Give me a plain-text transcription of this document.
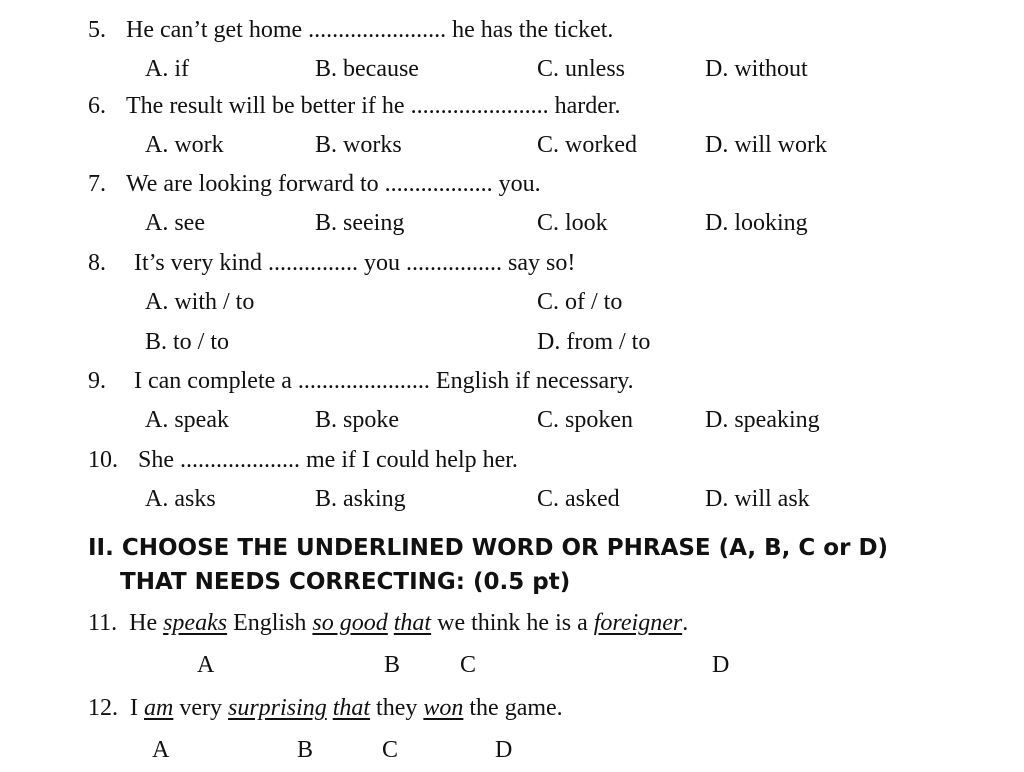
5. He can’t get home ....................... he has the ticket.
A. if	B. because	C. unless	D. without
6. The result will be better if he ....................... harder.
A. work	B. works	C. worked	D. will work
7. We are looking forward to .................. you.
A. see	B. seeing	C. look	D. looking
8. It’s very kind ............... you ................ say so!
A. with / to	C. of / to
B. to / to	D. from / to
9. I can complete a ...................... English if necessary.
A. speak	B. spoke	C. spoken	D. speaking
10. She .................... me if I could help her.
A. asks	B. asking	C. asked	D. will ask
II. CHOOSE THE UNDERLINED WORD OR PHRASE (A, B, C or D)
THAT NEEDS CORRECTING: (0.5 pt)
11. He speaks English so good that we think he is a foreigner.
A	B C	D
12. I am very surprising that they won the game.
A	B	C	D
